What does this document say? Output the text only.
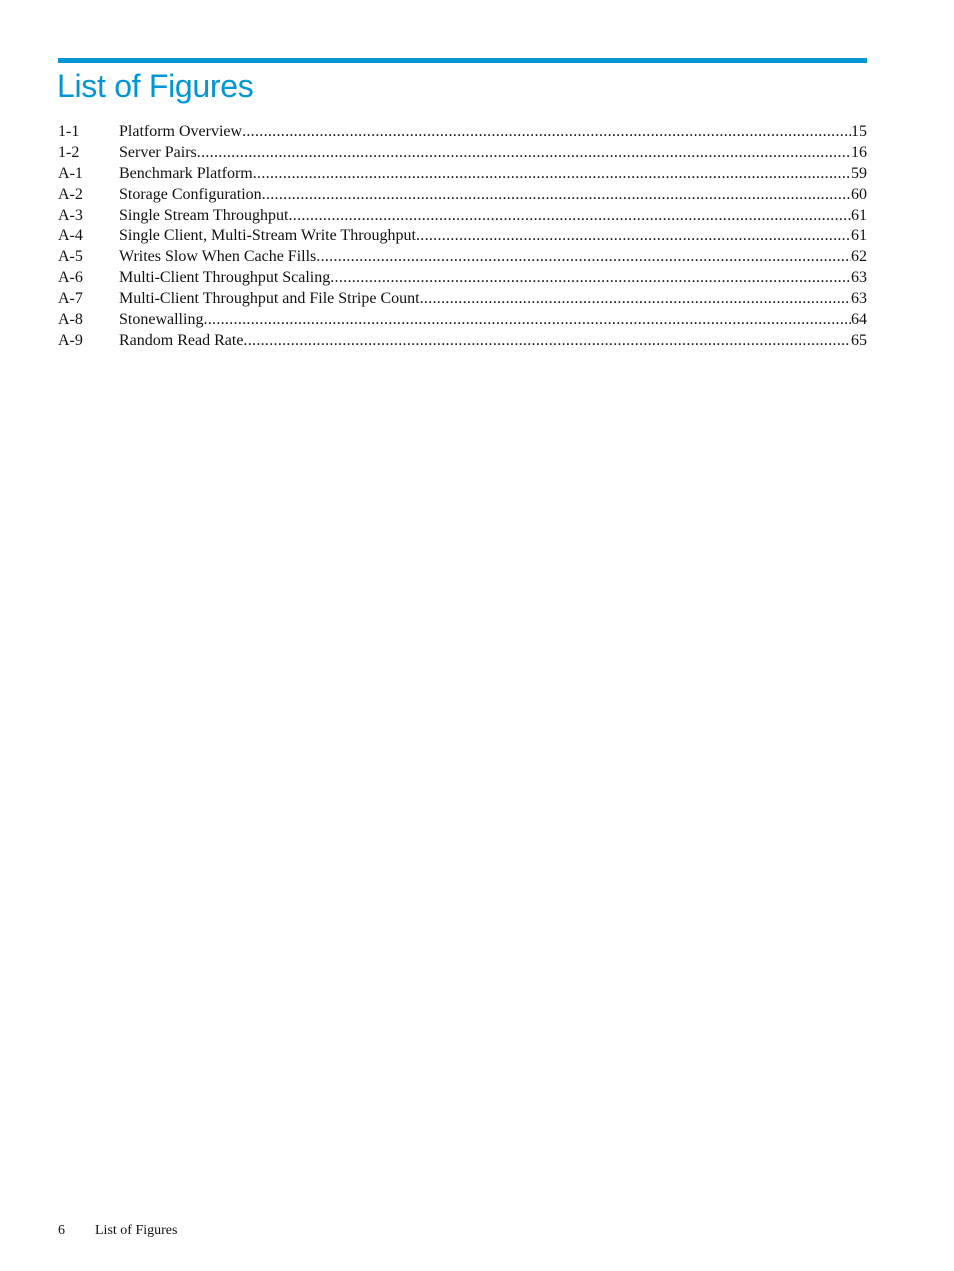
List of Figures
1-1	Platform Overview .....	15
1-2	Server Pairs .....	16
A-1	Benchmark Platform .....	59
A-2	Storage Configuration .....	60
A-3	Single Stream Throughput .....	61
A-4	Single Client, Multi-Stream Write Throughput .....	61
A-5	Writes Slow When Cache Fills .....	62
A-6	Multi-Client Throughput Scaling .....	63
A-7	Multi-Client Throughput and File Stripe Count .....	63
A-8	Stonewalling .....	64
A-9	Random Read Rate .....	65
6 List of Figures
